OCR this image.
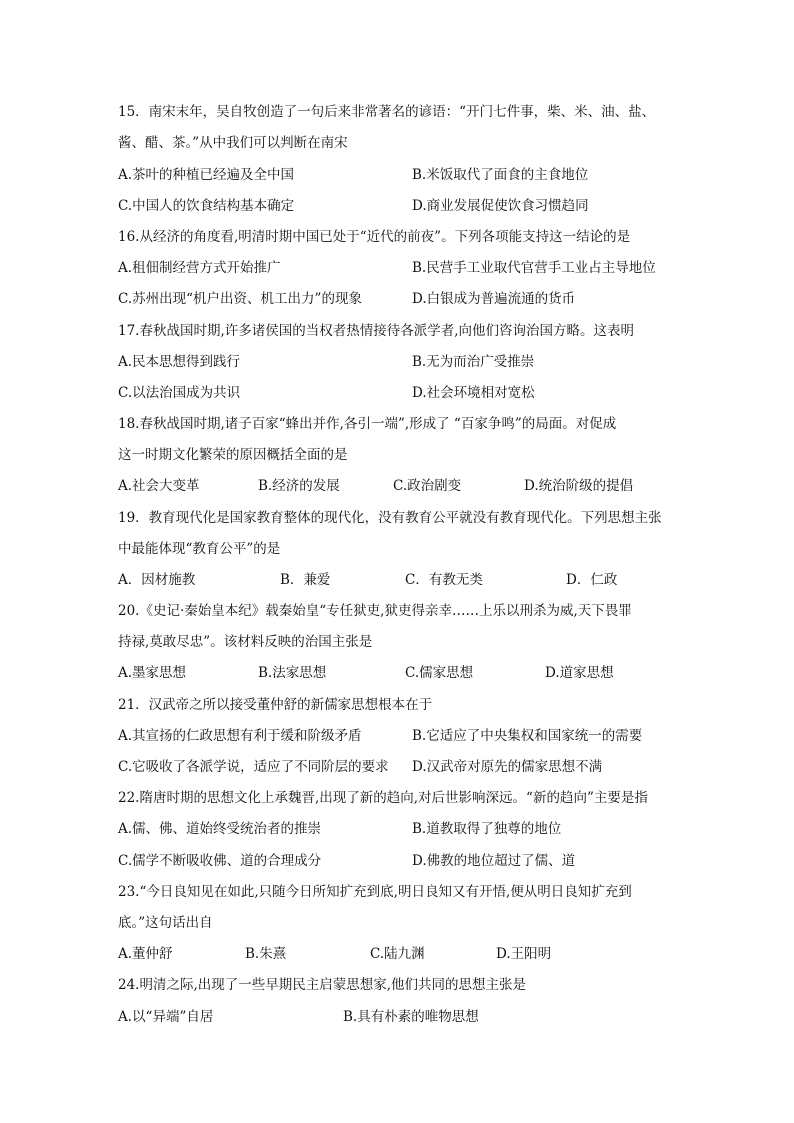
15．南宋末年，吴自牧创造了一句后来非常著名的谚语：“开门七件事，柴、米、油、盐、
酱、醋、茶。”从中我们可以判断在南宋
A.茶叶的种植已经遍及全中国	B.米饭取代了面食的主食地位
C.中国人的饮食结构基本确定	D.商业发展促使饮食习惯趋同
16.从经济的角度看,明清时期中国已处于“近代的前夜”。下列各项能支持这一结论的是
A.租佃制经营方式开始推广	B.民营手工业取代官营手工业占主导地位
C.苏州出现“机户出资、机工出力”的现象	D.白银成为普遍流通的货币
17.春秋战国时期,许多诸侯国的当权者热情接待各派学者,向他们咨询治国方略。这表明
A.民本思想得到践行	B.无为而治广受推崇
C.以法治国成为共识	D.社会环境相对宽松
18.春秋战国时期,诸子百家“蜂出并作,各引一端”,形成了 “百家争鸣”的局面。对促成
这一时期文化繁荣的原因概括全面的是
A.社会大变革	B.经济的发展	C.政治剧变	D.统治阶级的提倡
19．教育现代化是国家教育整体的现代化，没有教育公平就没有教育现代化。下列思想主张
中最能体现“教育公平”的是
A．因材施教	B．兼爱	C．有教无类	D．仁政
20.《史记·秦始皇本纪》载秦始皇“专任狱吏,狱吏得亲幸……上乐以刑杀为威,天下畏罪
持禄,莫敢尽忠”。该材料反映的治国主张是
A.墨家思想	B.法家思想	C.儒家思想	D.道家思想
21．汉武帝之所以接受董仲舒的新儒家思想根本在于
A.其宣扬的仁政思想有利于缓和阶级矛盾	B.它适应了中央集权和国家统一的需要
C.它吸收了各派学说，适应了不同阶层的要求 D.汉武帝对原先的儒家思想不满
22.隋唐时期的思想文化上承魏晋,出现了新的趋向,对后世影响深远。“新的趋向”主要是指
A.儒、佛、道始终受统治者的推崇	B.道教取得了独尊的地位
C.儒学不断吸收佛、道的合理成分	D.佛教的地位超过了儒、道
23.“今日良知见在如此,只随今日所知扩充到底,明日良知又有开悟,便从明日良知扩充到
底。”这句话出自
A.董仲舒	B.朱熹	C.陆九渊	D.王阳明
24.明清之际,出现了一些早期民主启蒙思想家,他们共同的思想主张是
A.以“异端”自居	B.具有朴素的唯物思想
